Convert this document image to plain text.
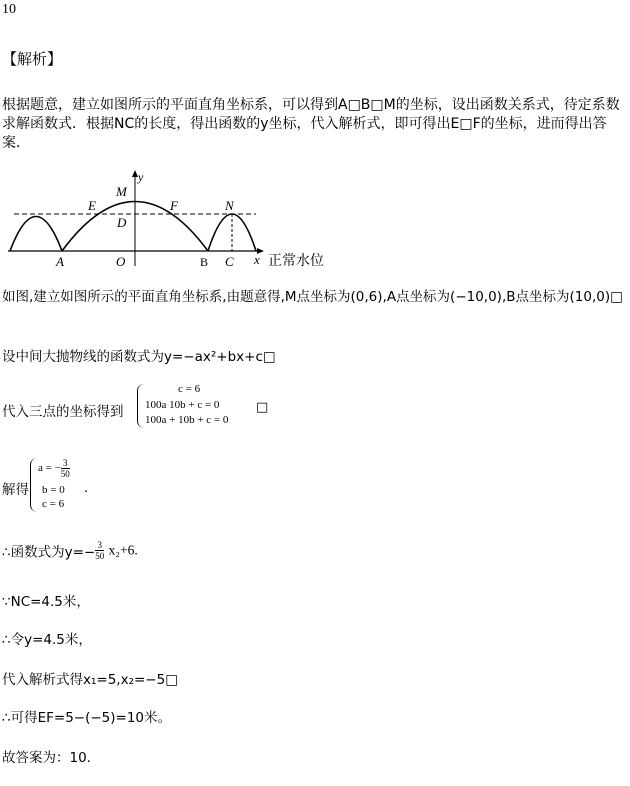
10
【解析】
根据题意，建立如图所示的平面直角坐标系，可以得到A□B□M的坐标，设出函数关系式，待定系数求解函数式．根据NC的长度，得出函数的y坐标，代入解析式，即可得出E□F的坐标，进而得出答案．
y
M
E	F	N
D
A	O	B C x 正常水位
如图,建立如图所示的平面直角坐标系,由题意得,M点坐标为(0,6),A点坐标为(−10,0),B点坐标为(10,0)□
设中间大抛物线的函数式为y=−ax²+bx+c□
代入三点的坐标得到
c = 6
100a 10b + c = 0
100a + 10b + c = 0
□
解得
a = − $\frac{3}{50}$
b = 0
c = 6
.
∴函数式为$y=- \frac{3}{50} x_2+6$.
∵NC=4.5米，
∴令y=4.5米，
代入解析式得x₁=5,x₂=−5□
∴可得EF=5−(−5)=10米。
故答案为：10.
